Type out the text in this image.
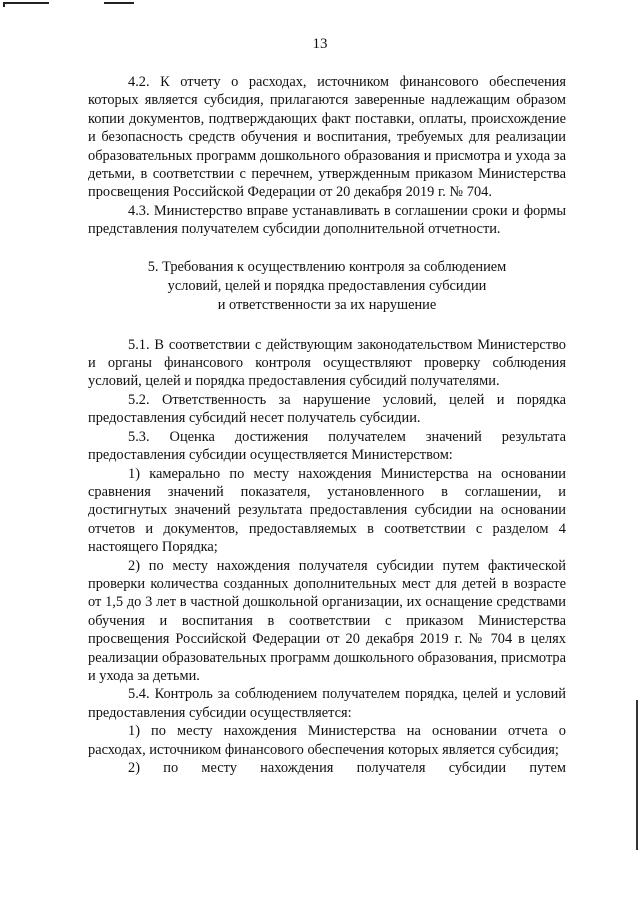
13

4.2. К отчету о расходах, источником финансового обеспечения которых является субсидия, прилагаются заверенные надлежащим образом копии документов, подтверждающих факт поставки, оплаты, происхождение и безопасность средств обучения и воспитания, требуемых для реализации образовательных программ дошкольного образования и присмотра и ухода за детьми, в соответствии с перечнем, утвержденным приказом Министерства просвещения Российской Федерации от 20 декабря 2019 г. № 704.

4.3. Министерство вправе устанавливать в соглашении сроки и формы представления получателем субсидии дополнительной отчетности.

5. Требования к осуществлению контроля за соблюдением
условий, целей и порядка предоставления субсидии
и ответственности за их нарушение

5.1. В соответствии с действующим законодательством Министерство и органы финансового контроля осуществляют проверку соблюдения условий, целей и порядка предоставления субсидий получателями.

5.2. Ответственность за нарушение условий, целей и порядка предоставления субсидий несет получатель субсидии.

5.3. Оценка достижения получателем значений результата предоставления субсидии осуществляется Министерством:

1) камерально по месту нахождения Министерства на основании сравнения значений показателя, установленного в соглашении, и достигнутых значений результата предоставления субсидии на основании отчетов и документов, предоставляемых в соответствии с разделом 4 настоящего Порядка;

2) по месту нахождения получателя субсидии путем фактической проверки количества созданных дополнительных мест для детей в возрасте от 1,5 до 3 лет в частной дошкольной организации, их оснащение средствами обучения и воспитания в соответствии с приказом Министерства просвещения Российской Федерации от 20 декабря 2019 г. № 704 в целях реализации образовательных программ дошкольного образования, присмотра и ухода за детьми.

5.4. Контроль за соблюдением получателем порядка, целей и условий предоставления субсидии осуществляется:

1) по месту нахождения Министерства на основании отчета о расходах, источником финансового обеспечения которых является субсидия;

2) по месту нахождения получателя субсидии путем
